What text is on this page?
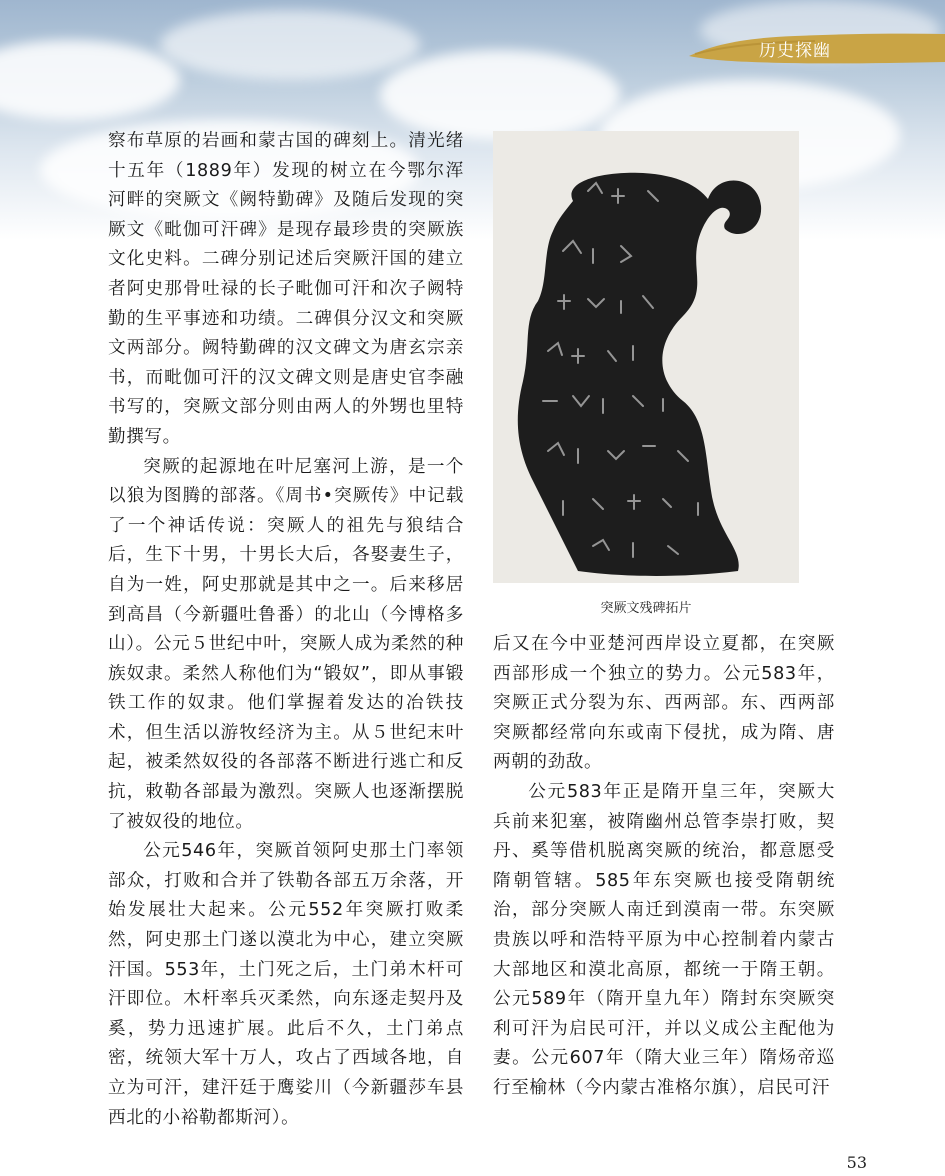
历史探幽

察布草原的岩画和蒙古国的碑刻上。清光绪十五年（1889年）发现的树立在今鄂尔浑河畔的突厥文《阙特勤碑》及随后发现的突厥文《毗伽可汗碑》是现存最珍贵的突厥族文化史料。二碑分别记述后突厥汗国的建立者阿史那骨吐禄的长子毗伽可汗和次子阙特勤的生平事迹和功绩。二碑俱分汉文和突厥文两部分。阙特勤碑的汉文碑文为唐玄宗亲书，而毗伽可汗的汉文碑文则是唐史官李融书写的，突厥文部分则由两人的外甥也里特勤撰写。

突厥的起源地在叶尼塞河上游，是一个以狼为图腾的部落。《周书•突厥传》中记载了一个神话传说：突厥人的祖先与狼结合后，生下十男，十男长大后，各娶妻生子，自为一姓，阿史那就是其中之一。后来移居到高昌（今新疆吐鲁番）的北山（今博格多山）。公元５世纪中叶，突厥人成为柔然的种族奴隶。柔然人称他们为“锻奴”，即从事锻铁工作的奴隶。他们掌握着发达的冶铁技术，但生活以游牧经济为主。从５世纪末叶起，被柔然奴役的各部落不断进行逃亡和反抗，敕勒各部最为激烈。突厥人也逐渐摆脱了被奴役的地位。

公元546年，突厥首领阿史那土门率领部众，打败和合并了铁勒各部五万余落，开始发展壮大起来。公元552年突厥打败柔然，阿史那土门遂以漠北为中心，建立突厥汗国。553年，土门死之后，土门弟木杆可汗即位。木杆率兵灭柔然，向东逐走契丹及奚，势力迅速扩展。此后不久，土门弟点密，统领大军十万人，攻占了西域各地，自立为可汗，建汗廷于鹰娑川（今新疆莎车县西北的小裕勒都斯河）。

突厥文残碑拓片

后又在今中亚楚河西岸设立夏都，在突厥西部形成一个独立的势力。公元583年，突厥正式分裂为东、西两部。东、西两部突厥都经常向东或南下侵扰，成为隋、唐两朝的劲敌。

公元583年正是隋开皇三年，突厥大兵前来犯塞，被隋幽州总管李崇打败，契丹、奚等借机脱离突厥的统治，都意愿受隋朝管辖。585年东突厥也接受隋朝统治，部分突厥人南迁到漠南一带。东突厥贵族以呼和浩特平原为中心控制着内蒙古大部地区和漠北高原，都统一于隋王朝。公元589年（隋开皇九年）隋封东突厥突利可汗为启民可汗，并以义成公主配他为妻。公元607年（隋大业三年）隋炀帝巡行至榆林（今内蒙古准格尔旗），启民可汗

53
